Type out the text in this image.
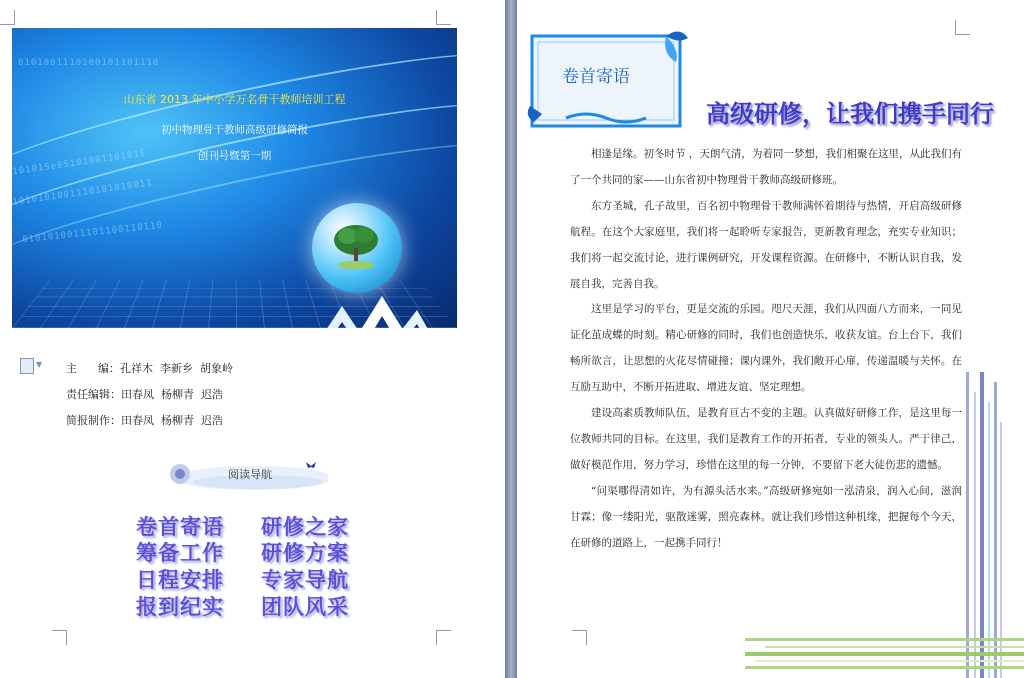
0101001110100101101110
10101Se0S10100110101S
1010101001110101010011
0101010011101100110110
山东省 2013 年中小学万名骨干教师培训工程
初中物理骨干教师高级研修简报
创刊号暨第一期
▼ 主      编：孔祥木  李新乡  胡象岭
责任编辑：田春凤  杨柳青  迟浩
简报制作：田春凤  杨柳青  迟浩
阅读导航
卷首寄语 研修之家
筹备工作 研修方案
日程安排 专家导航
报到纪实 团队风采
卷首寄语
高级研修，让我们携手同行

相逢是缘。初冬时节 ，天朗气清，为着同一梦想，我们相聚在这里，从此我们有了一个共同的家——山东省初中物理骨干教师高级研修班。

东方圣城，孔子故里，百名初中物理骨干教师满怀着期待与热情，开启高级研修航程。在这个大家庭里，我们将一起聆听专家报告，更新教育理念，充实专业知识；我们将一起交流讨论，进行课例研究，开发课程资源。在研修中，不断认识自我，发展自我，完善自我。

这里是学习的平台，更是交流的乐园。咫尺天涯，我们从四面八方而来，一同见证化茧成蝶的时刻。精心研修的同时，我们也创造快乐，收获友谊。台上台下，我们畅所欲言，让思想的火花尽情碰撞；课内课外，我们敞开心扉，传递温暖与关怀。在互励互助中，不断开拓进取、增进友谊、坚定理想。

建设高素质教师队伍，是教育亘古不变的主题。认真做好研修工作，是这里每一位教师共同的目标。在这里，我们是教育工作的开拓者，专业的领头人。严于律己，做好模范作用，努力学习，珍惜在这里的每一分钟，不要留下老大徒伤悲的遗憾。

“问渠哪得清如许，为有源头活水来。”高级研修宛如一泓清泉，润入心间，滋润甘霖；像一缕阳光，驱散迷雾，照亮森林。就让我们珍惜这种机缘，把握每个今天，在研修的道路上，一起携手同行！
